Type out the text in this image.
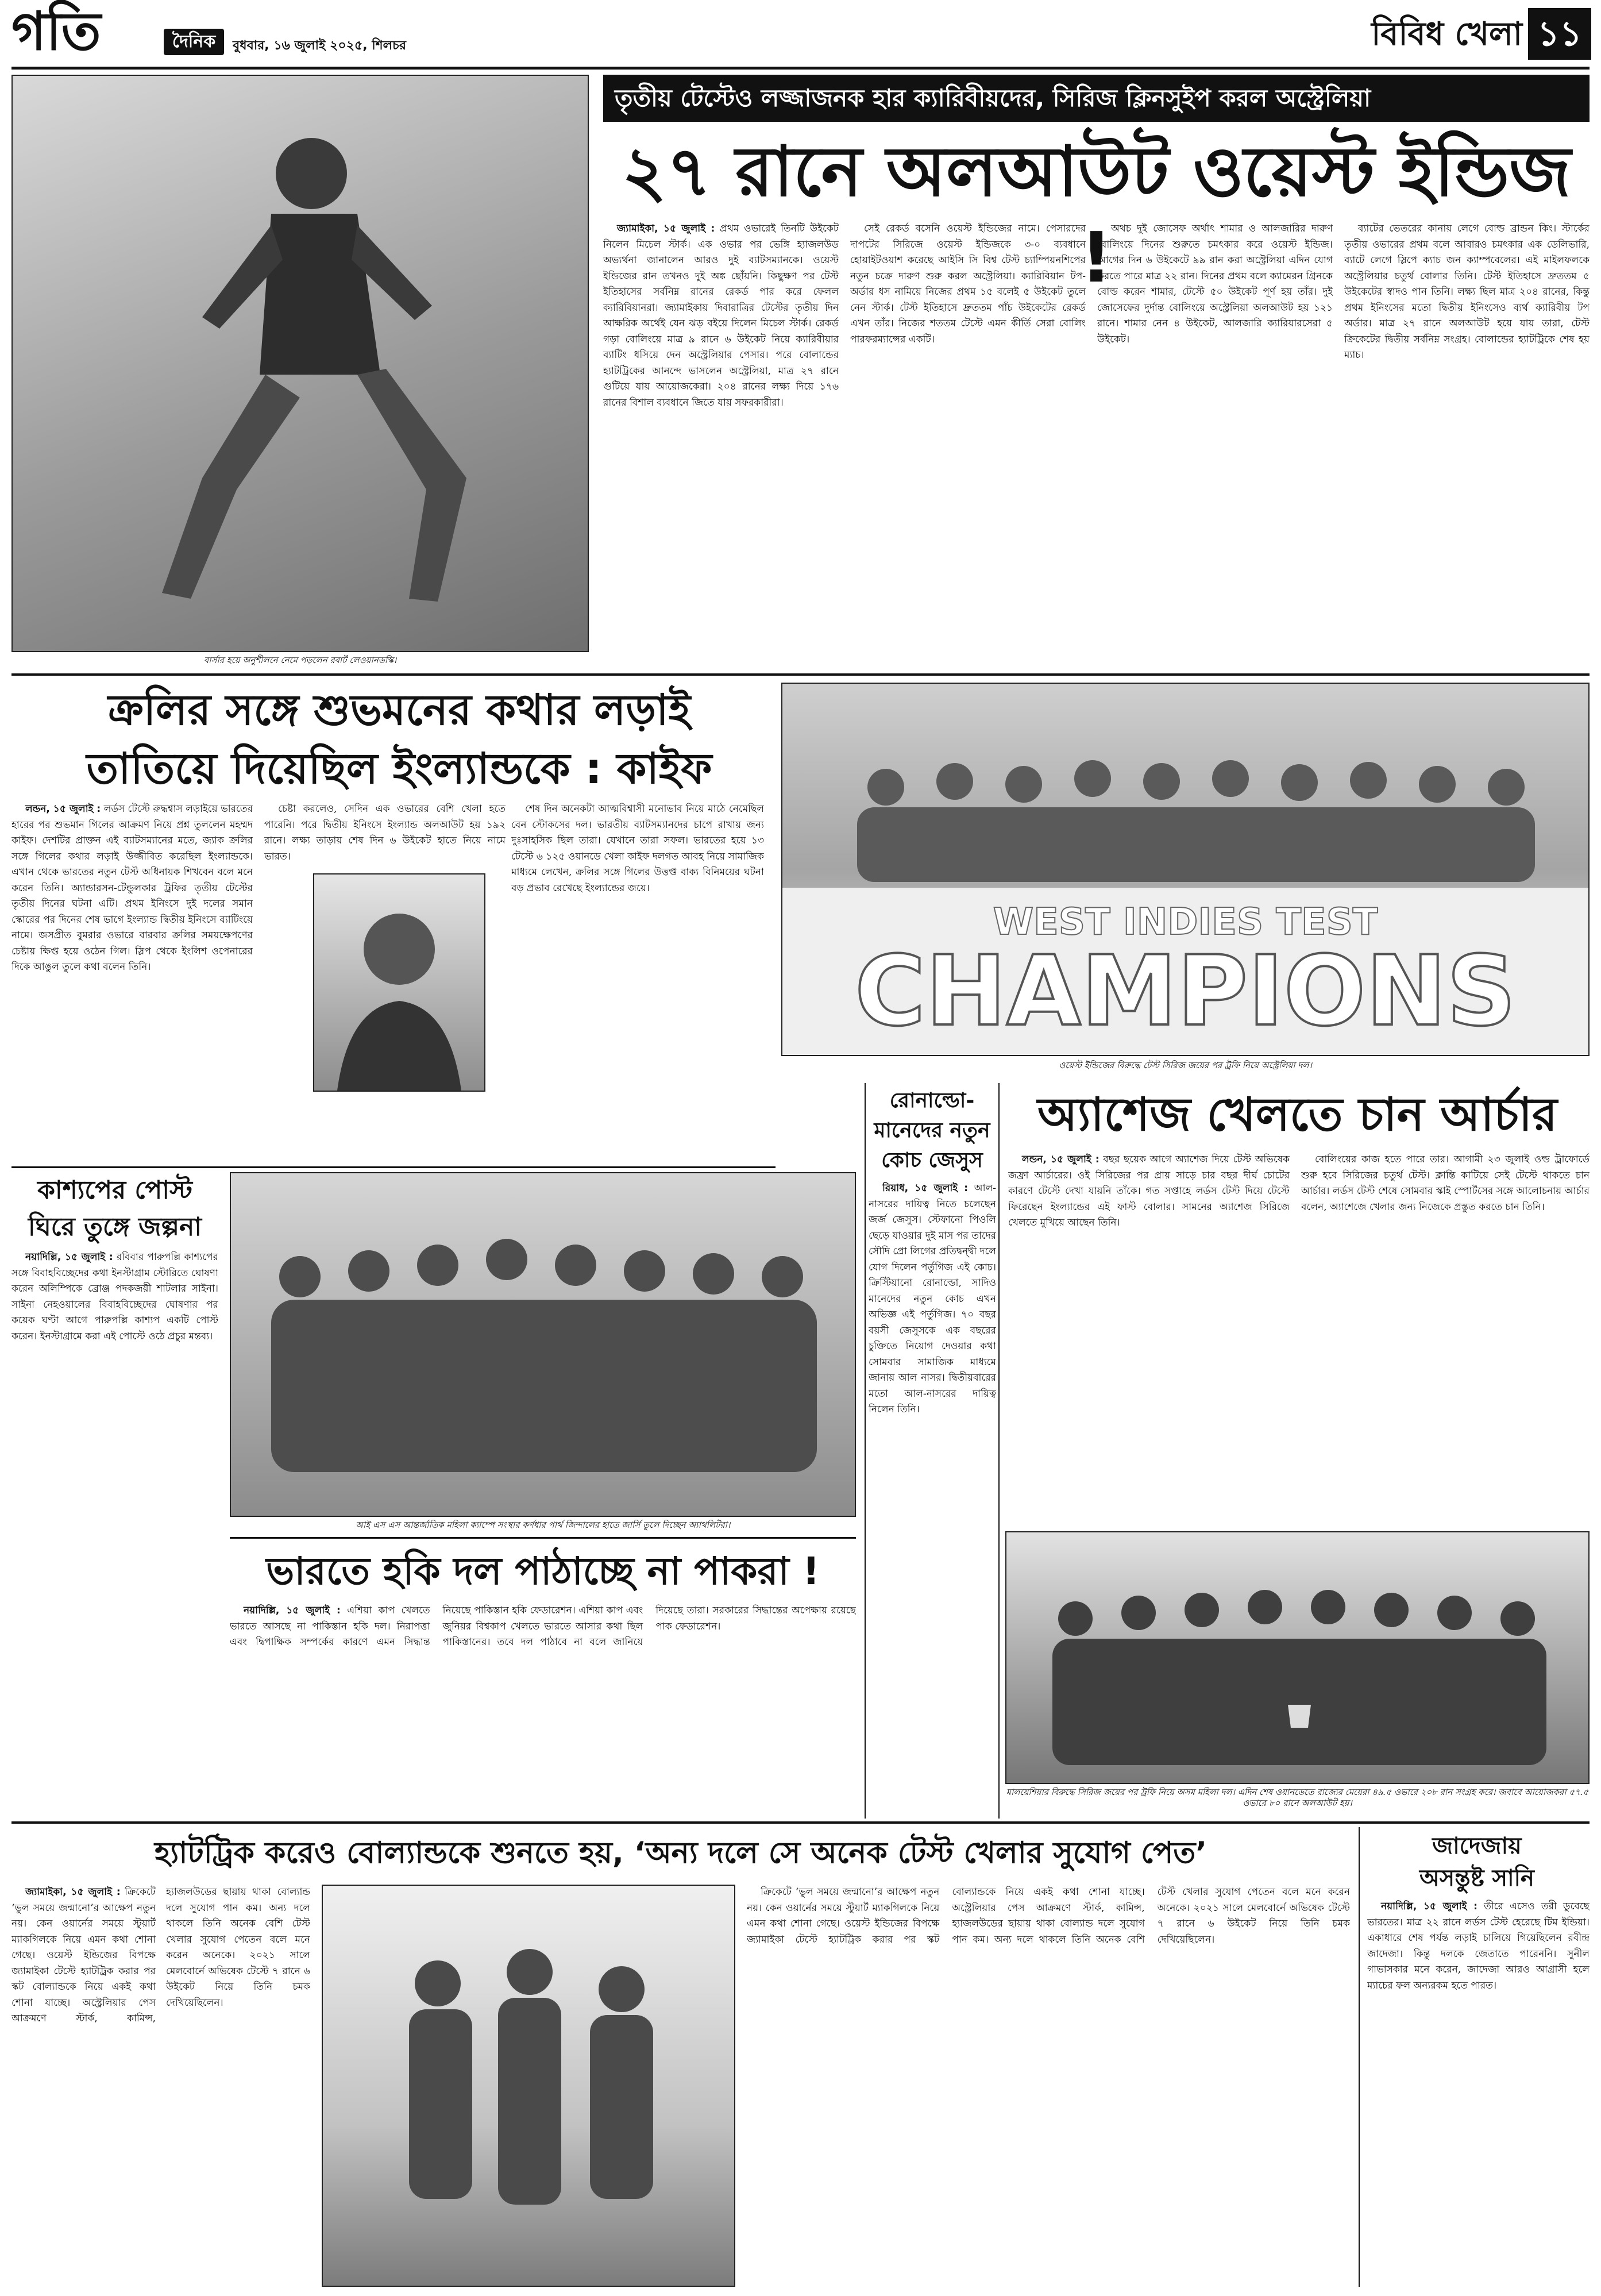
গতি	দৈনিক	বুধবার, ১৬ জুলাই ২০২৫, শিলচর	বিবিধ খেলা ১১
বার্সার হয়ে অনুশীলনে নেমে পড়লেন রবার্ট লেওয়ানডস্কি।
তৃতীয় টেস্টেও লজ্জাজনক হার ক্যারিবীয়দের, সিরিজ ক্লিনসুইপ করল অস্ট্রেলিয়া
২৭ রানে অলআউট ওয়েস্ট ইন্ডিজ !

জ্যামাইকা, ১৫ জুলাই : প্রথম ওভারেই তিনটি উইকেট নিলেন মিচেল স্টার্ক। এক ওভার পর ভেঙ্গি হ্যাজলউড অভ্যর্থনা জানালেন আরও দুই ব্যাটসম্যানকে। ওয়েস্ট ইন্ডিজের রান তখনও দুই অঙ্ক ছোঁয়নি। কিছুক্ষণ পর টেস্ট ইতিহাসের সর্বনিম্ন রানের রেকর্ড পার করে ফেলল ক্যারিবিয়ানরা। জ্যামাইকায় দিবারাত্রির টেস্টের তৃতীয় দিন আক্ষরিক অর্থেই যেন ঝড় বইয়ে দিলেন মিচেল স্টার্ক। রেকর্ড গড়া বোলিংয়ে মাত্র ৯ রানে ৬ উইকেট নিয়ে ক্যারিবীয়ার ব্যাটিং ধসিয়ে দেন অস্ট্রেলিয়ার পেসার। পরে বোলান্ডের হ্যাটট্রিকের আনন্দে ভাসলেন অস্ট্রেলিয়া, মাত্র ২৭ রানে গুটিয়ে যায় আয়োজকেরা। ২০৪ রানের লক্ষ্য দিয়ে ১৭৬ রানের বিশাল ব্যবধানে জিতে যায় সফরকারীরা।

সেই রেকর্ড বসেনি ওয়েস্ট ইন্ডিজের নামে। পেসারদের দাপটের সিরিজে ওয়েস্ট ইন্ডিজকে ৩-০ ব্যবধানে হোয়াইটওয়াশ করেছে আইসি সি বিশ্ব টেস্ট চ্যাম্পিয়নশিপের নতুন চক্রে দারুণ শুরু করল অস্ট্রেলিয়া। ক্যারিবিয়ান টপ-অর্ডার ধস নামিয়ে নিজের প্রথম ১৫ বলেই ৫ উইকেট তুলে নেন স্টার্ক। টেস্ট ইতিহাসে দ্রুততম পাঁচ উইকেটের রেকর্ড এখন তাঁর। নিজের শততম টেস্টে এমন কীর্তি সেরা বোলিং পারফরম্যান্সের একটি।

অথচ দুই জোসেফ অর্থাৎ শামার ও আলজারির দারুণ বোলিংয়ে দিনের শুরুতে চমৎকার করে ওয়েস্ট ইন্ডিজ। আগের দিন ৬ উইকেটে ৯৯ রান করা অস্ট্রেলিয়া এদিন যোগ করতে পারে মাত্র ২২ রান। দিনের প্রথম বলে ক্যামেরন গ্রিনকে বোল্ড করেন শামার, টেস্টে ৫০ উইকেট পূর্ণ হয় তাঁর। দুই জোসেফের দুর্দান্ত বোলিংয়ে অস্ট্রেলিয়া অলআউট হয় ১২১ রানে। শামার নেন ৪ উইকেট, আলজারি ক্যারিয়ারসেরা ৫ উইকেট।

ব্যাটের ভেতরের কানায় লেগে বোল্ড ব্রান্ডন কিং। স্টার্কের তৃতীয় ওভারের প্রথম বলে আবারও চমৎকার এক ডেলিভারি, ব্যাটে লেগে স্লিপে ক্যাচ জন ক্যাম্পবেলের। এই মাইলফলকে অস্ট্রেলিয়ার চতুর্থ বোলার তিনি। টেস্ট ইতিহাসে দ্রুততম ৫ উইকেটের স্বাদও পান তিনি। লক্ষ্য ছিল মাত্র ২০৪ রানের, কিন্তু প্রথম ইনিংসের মতো দ্বিতীয় ইনিংসেও ব্যর্থ ক্যারিবীয় টপ অর্ডার। মাত্র ২৭ রানে অলআউট হয়ে যায় তারা, টেস্ট ক্রিকেটের দ্বিতীয় সর্বনিম্ন সংগ্রহ। বোলান্ডের হ্যাটট্রিকে শেষ হয় ম্যাচ।

ক্রলির সঙ্গে শুভমনের কথার লড়াই
তাতিয়ে দিয়েছিল ইংল্যান্ডকে : কাইফ

লন্ডন, ১৫ জুলাই : লর্ডস টেস্টে রুদ্ধশ্বাস লড়াইয়ে ভারতের হারের পর শুভমান গিলের আক্রমণ নিয়ে প্রশ্ন তুললেন মহম্মদ কাইফ। দেশটির প্রাক্তন এই ব্যাটসম্যানের মতে, জ্যাক ক্রলির সঙ্গে গিলের কথার লড়াই উজ্জীবিত করেছিল ইংল্যান্ডকে। এখান থেকে ভারতের নতুন টেস্ট অধিনায়ক শিখবেন বলে মনে করেন তিনি। অ্যান্ডারসন-টেন্ডুলকার ট্রফির তৃতীয় টেস্টের তৃতীয় দিনের ঘটনা এটি। প্রথম ইনিংসে দুই দলের সমান স্কোরের পর দিনের শেষ ভাগে ইংল্যান্ড দ্বিতীয় ইনিংসে ব্যাটিংয়ে নামে। জসপ্রীত বুমরার ওভারে বারবার ক্রলির সময়ক্ষেপণের চেষ্টায় ক্ষিপ্ত হয়ে ওঠেন গিল। স্লিপ থেকে ইংলিশ ওপেনারের দিকে আঙুল তুলে কথা বলেন তিনি।

চেষ্টা করলেও, সেদিন এক ওভারের বেশি খেলা হতে পারেনি। পরে দ্বিতীয় ইনিংসে ইংল্যান্ড অলআউট হয় ১৯২ রানে। লক্ষ্য তাড়ায় শেষ দিন ৬ উইকেট হাতে নিয়ে নামে ভারত।

শেষ দিন অনেকটা আত্মবিশ্বাসী মনোভাব নিয়ে মাঠে নেমেছিল বেন স্টোকসের দল। ভারতীয় ব্যাটসম্যানদের চাপে রাখায় জন্য দুঃসাহসিক ছিল তারা। যেখানে তারা সফল। ভারতের হয়ে ১৩ টেস্টে ৬ ১২৫ ওয়ানডে খেলা কাইফ দলগত আবহ নিয়ে সামাজিক মাধ্যমে লেখেন, ক্রলির সঙ্গে গিলের উত্তপ্ত বাক্য বিনিময়ের ঘটনা বড় প্রভাব রেখেছে ইংল্যান্ডের জয়ে।

WEST INDIES TEST
CHAMPIONS
ওয়েস্ট ইন্ডিজের বিরুদ্ধে টেস্ট সিরিজ জয়ের পর ট্রফি নিয়ে অস্ট্রেলিয়া দল।
কাশ্যপের পোস্ট
ঘিরে তুঙ্গে জল্পনা

নয়াদিল্লি, ১৫ জুলাই : রবিবার পারুপল্লি কাশ্যপের সঙ্গে বিবাহবিচ্ছেদের কথা ইনস্টাগ্রাম স্টোরিতে ঘোষণা করেন অলিম্পিকে ব্রোঞ্জ পদকজয়ী শাটলার সাইনা। সাইনা নেহওয়ালের বিবাহবিচ্ছেদের ঘোষণার পর কয়েক ঘণ্টা আগে পারুপল্লি কাশ্যপ একটি পোস্ট করেন। ইনস্টাগ্রামে করা এই পোস্টে ওঠে প্রচুর মন্তব্য।

আই এস এস আন্তর্জাতিক মহিলা ক্যাম্পে সংস্থার কর্ণধার পার্থ জিন্দালের হাতে জার্সি তুলে দিচ্ছেন অ্যাথলিটরা।
রোনাল্ডো-
মানেদের নতুন
কোচ জেসুস

রিয়াধ, ১৫ জুলাই : আল-নাসরের দায়িত্ব নিতে চলেছেন জর্জ জেসুস। স্টেফানো পিওলি ছেড়ে যাওয়ার দুই মাস পর তাদের সৌদি প্রো লিগের প্রতিদ্বন্দ্বী দলে যোগ দিলেন পর্তুগিজ এই কোচ। ক্রিস্টিয়ানো রোনাল্ডো, সাদিও মানেদের নতুন কোচ এখন অভিজ্ঞ এই পর্তুগিজ। ৭০ বছর বয়সী জেসুসকে এক বছরের চুক্তিতে নিয়োগ দেওয়ার কথা সোমবার সামাজিক মাধ্যমে জানায় আল নাসর। দ্বিতীয়বারের মতো আল-নাসরের দায়িত্ব নিলেন তিনি।

অ্যাশেজ খেলতে চান আর্চার

লন্ডন, ১৫ জুলাই : বছর ছয়েক আগে অ্যাশেজ দিয়ে টেস্ট অভিষেক জফ্রা আর্চারের। ওই সিরিজের পর প্রায় সাড়ে চার বছর দীর্ঘ চোটের কারণে টেস্টে দেখা যায়নি তাঁকে। গত সপ্তাহে লর্ডস টেস্ট দিয়ে টেস্টে ফিরেছেন ইংল্যান্ডের এই ফাস্ট বোলার। সামনের অ্যাশেজ সিরিজে খেলতে মুখিয়ে আছেন তিনি।

বোলিংয়ের কাজ হতে পারে তার। আগামী ২৩ জুলাই ওল্ড ট্রাফোর্ডে শুরু হবে সিরিজের চতুর্থ টেস্ট। ক্লান্তি কাটিয়ে সেই টেস্টে থাকতে চান আর্চার। লর্ডস টেস্ট শেষে সোমবার স্কাই স্পোর্টসের সঙ্গে আলোচনায় আর্চার বলেন, অ্যাশেজে খেলার জন্য নিজেকে প্রস্তুত করতে চান তিনি।

ভারতে হকি দল পাঠাচ্ছে না পাকরা !

নয়াদিল্লি, ১৫ জুলাই : এশিয়া কাপ খেলতে ভারতে আসছে না পাকিস্তান হকি দল। নিরাপত্তা এবং দ্বিপাক্ষিক সম্পর্কের কারণে এমন সিদ্ধান্ত নিয়েছে পাকিস্তান হকি ফেডারেশন। এশিয়া কাপ এবং জুনিয়র বিশ্বকাপ খেলতে ভারতে আসার কথা ছিল পাকিস্তানের। তবে দল পাঠাবে না বলে জানিয়ে দিয়েছে তারা। সরকারের সিদ্ধান্তের অপেক্ষায় রয়েছে পাক ফেডারেশন।

মালয়েশিয়ার বিরুদ্ধে সিরিজ জয়ের পর ট্রফি নিয়ে অসম মহিলা দল। এদিন শেষ ওয়ানডেতে রাজ্যের মেয়েরা ৪৯.৫ ওভারে ২০৮ রান সংগ্রহ করে। জবাবে আয়োজকরা ৫৭.৫ ওভারে ৮০ রানে অলআউট হয়।
হ্যাটট্রিক করেও বোল্যান্ডকে শুনতে হয়, ‘অন্য দলে সে অনেক টেস্ট খেলার সুযোগ পেত’

জ্যামাইকা, ১৫ জুলাই : ক্রিকেটে ‘ভুল সময়ে জন্মানো’র আক্ষেপ নতুন নয়। কেন ওয়ার্নের সময়ে স্টুয়ার্ট ম্যাকগিলকে নিয়ে এমন কথা শোনা গেছে। ওয়েস্ট ইন্ডিজের বিপক্ষে জ্যামাইকা টেস্টে হ্যাটট্রিক করার পর স্কট বোল্যান্ডকে নিয়ে একই কথা শোনা যাচ্ছে। অস্ট্রেলিয়ার পেস আক্রমণে স্টার্ক, কামিন্স, হ্যাজলউডের ছায়ায় থাকা বোল্যান্ড দলে সুযোগ পান কম। অন্য দলে থাকলে তিনি অনেক বেশি টেস্ট খেলার সুযোগ পেতেন বলে মনে করেন অনেকে। ২০২১ সালে মেলবোর্নে অভিষেক টেস্টে ৭ রানে ৬ উইকেট নিয়ে তিনি চমক দেখিয়েছিলেন।

ক্রিকেটে ‘ভুল সময়ে জন্মানো’র আক্ষেপ নতুন নয়। কেন ওয়ার্নের সময়ে স্টুয়ার্ট ম্যাকগিলকে নিয়ে এমন কথা শোনা গেছে। ওয়েস্ট ইন্ডিজের বিপক্ষে জ্যামাইকা টেস্টে হ্যাটট্রিক করার পর স্কট বোল্যান্ডকে নিয়ে একই কথা শোনা যাচ্ছে। অস্ট্রেলিয়ার পেস আক্রমণে স্টার্ক, কামিন্স, হ্যাজলউডের ছায়ায় থাকা বোল্যান্ড দলে সুযোগ পান কম। অন্য দলে থাকলে তিনি অনেক বেশি টেস্ট খেলার সুযোগ পেতেন বলে মনে করেন অনেকে। ২০২১ সালে মেলবোর্নে অভিষেক টেস্টে ৭ রানে ৬ উইকেট নিয়ে তিনি চমক দেখিয়েছিলেন।

জাদেজায়
অসন্তুষ্ট সানি

নয়াদিল্লি, ১৫ জুলাই : তীরে এসেও তরী ডুবেছে ভারতের। মাত্র ২২ রানে লর্ডস টেস্ট হেরেছে টিম ইন্ডিয়া। একাধারে শেষ পর্যন্ত লড়াই চালিয়ে গিয়েছিলেন রবীন্দ্র জাদেজা। কিন্তু দলকে জেতাতে পারেননি। সুনীল গাভাসকার মনে করেন, জাদেজা আরও আগ্রাসী হলে ম্যাচের ফল অন্যরকম হতে পারত।
